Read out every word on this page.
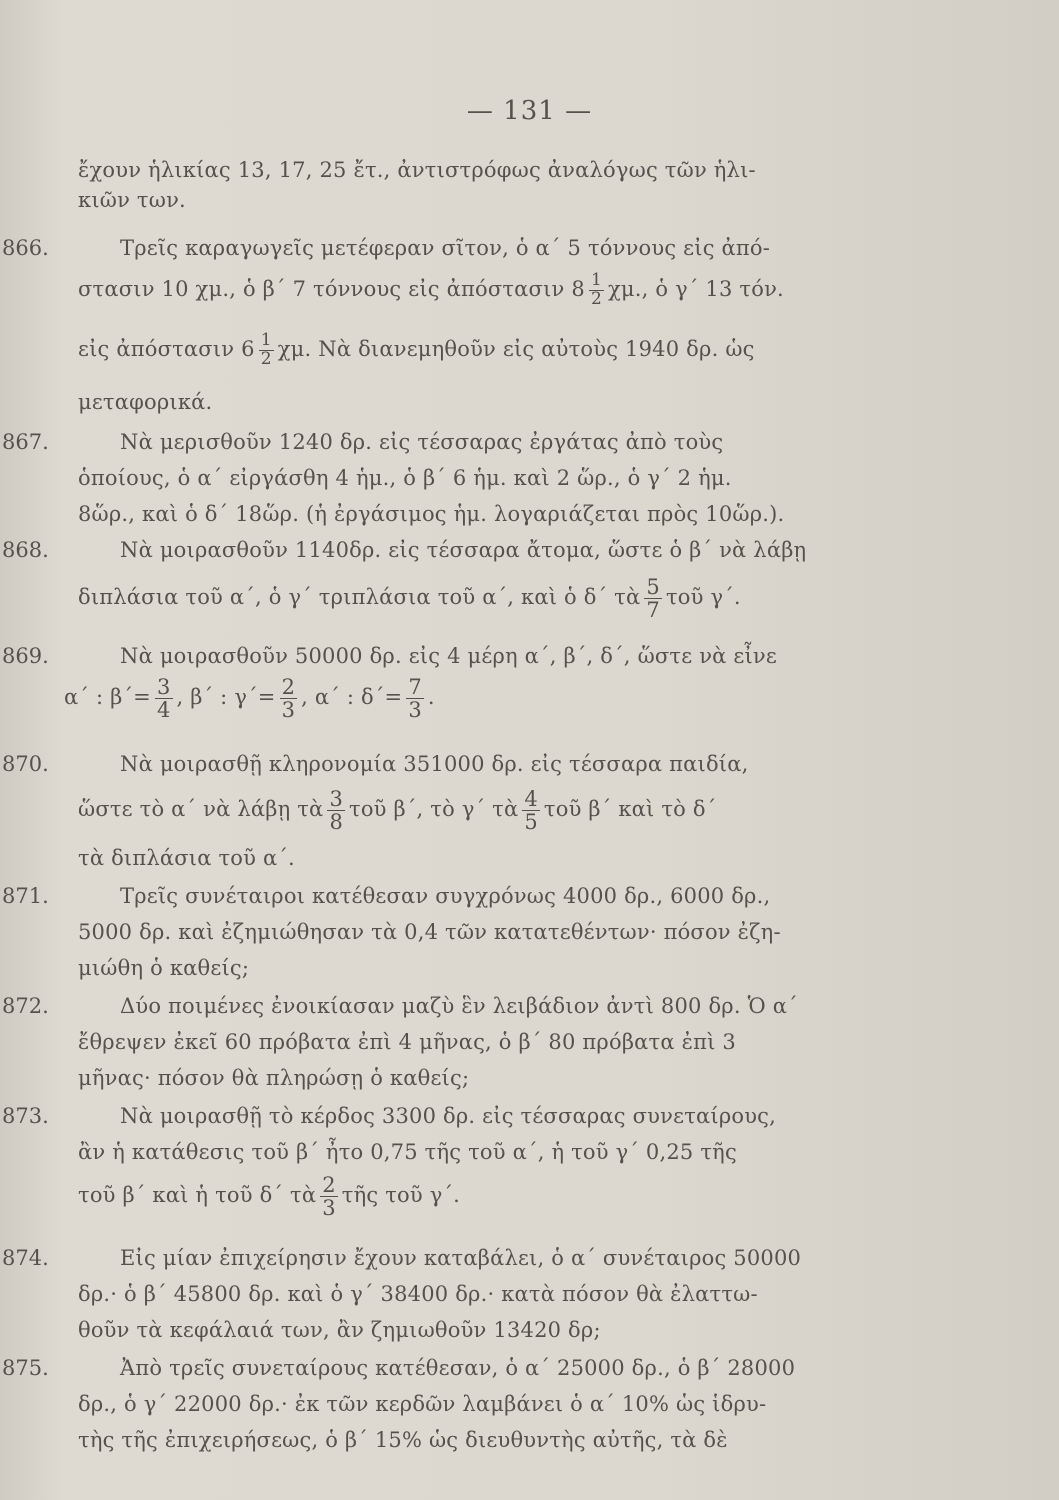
— 131 —
ἔχουν ἡλικίας 13, 17, 25 ἔτ., ἀντιστρόφως ἀναλόγως τῶν ἡλι-
κιῶν των.
866.	Τρεῖς καραγωγεῖς μετέφεραν σῖτον, ὁ α΄ 5 τόννους εἰς ἀπό-
στασιν 10 χμ., ὁ β΄ 7 τόννους εἰς ἀπόστασιν $8 \frac{1}{2} \chi\mu$., ὁ γ΄ 13 τόν.
εἰς ἀπόστασιν $6 \frac{1}{2} \chi\mu$. Νὰ διανεμηθοῦν εἰς αὐτοὺς 1940 δρ. ὡς
μεταφορικά.
867.	Νὰ μερισθοῦν 1240 δρ. εἰς τέσσαρας ἐργάτας ἀπὸ τοὺς
ὁποίους, ὁ α΄ εἰργάσθη 4 ἡμ., ὁ β΄ 6 ἡμ. καὶ 2 ὥρ., ὁ γ΄ 2 ἡμ.
8ὥρ., καὶ ὁ δ΄ 18ὥρ. (ἡ ἐργάσιμος ἡμ. λογαριάζεται πρὸς 10ὥρ.).
868.	Νὰ μοιρασθοῦν 1140δρ. εἰς τέσσαρα ἄτομα, ὥστε ὁ β΄ νὰ λάβῃ
διπλάσια τοῦ α΄, ὁ γ΄ τριπλάσια τοῦ α΄, καὶ ὁ δ΄ τὰ $\frac{5}{7}$ τοῦ γ΄.
869.	Νὰ μοιρασθοῦν 50000 δρ. εἰς 4 μέρη α΄, β΄, δ΄, ὥστε νὰ εἶνε
α΄ : $\beta΄= \frac{3}{4}$ , β΄ : $\gamma΄= \frac{2}{3}$ , α΄ : $\delta΄= \frac{7}{3}$ .
870.	Νὰ μοιρασθῇ κληρονομία 351000 δρ. εἰς τέσσαρα παιδία,
ὥστε τὸ α΄ νὰ λάβῃ τὰ $\frac{3}{8}$ τοῦ β΄, τὸ γ΄ τὰ $\frac{4}{5}$ τοῦ β΄ καὶ τὸ δ΄
τὰ διπλάσια τοῦ α΄.
871.	Τρεῖς συνέταιροι κατέθεσαν συγχρόνως 4000 δρ., 6000 δρ.,
5000 δρ. καὶ ἐζημιώθησαν τὰ 0,4 τῶν κατατεθέντων· πόσον ἐζη-
μιώθη ὁ καθείς;
872.	Δύο ποιμένες ἐνοικίασαν μαζὺ ἓν λειβάδιον ἀντὶ 800 δρ. Ὁ α΄
ἔθρεψεν ἐκεῖ 60 πρόβατα ἐπὶ 4 μῆνας, ὁ β΄ 80 πρόβατα ἐπὶ 3
μῆνας· πόσον θὰ πληρώσῃ ὁ καθείς;
873.	Νὰ μοιρασθῇ τὸ κέρδος 3300 δρ. εἰς τέσσαρας συνεταίρους,
ἂν ἡ κατάθεσις τοῦ β΄ ἦτο 0,75 τῆς τοῦ α΄, ἡ τοῦ γ΄ 0,25 τῆς
τοῦ β΄ καὶ ἡ τοῦ δ΄ τὰ $\frac{2}{3}$ τῆς τοῦ γ΄.
874.	Εἰς μίαν ἐπιχείρησιν ἔχουν καταβάλει, ὁ α΄ συνέταιρος 50000
δρ.· ὁ β΄ 45800 δρ. καὶ ὁ γ΄ 38400 δρ.· κατὰ πόσον θὰ ἐλαττω-
θοῦν τὰ κεφάλαιά των, ἂν ζημιωθοῦν 13420 δρ;
875.	Ἀπὸ τρεῖς συνεταίρους κατέθεσαν, ὁ α΄ 25000 δρ., ὁ β΄ 28000
δρ., ὁ γ΄ 22000 δρ.· ἐκ τῶν κερδῶν λαμβάνει ὁ α΄ 10% ὡς ἱδρυ-
τὴς τῆς ἐπιχειρήσεως, ὁ β΄ 15% ὡς διευθυντὴς αὐτῆς, τὰ δὲ
